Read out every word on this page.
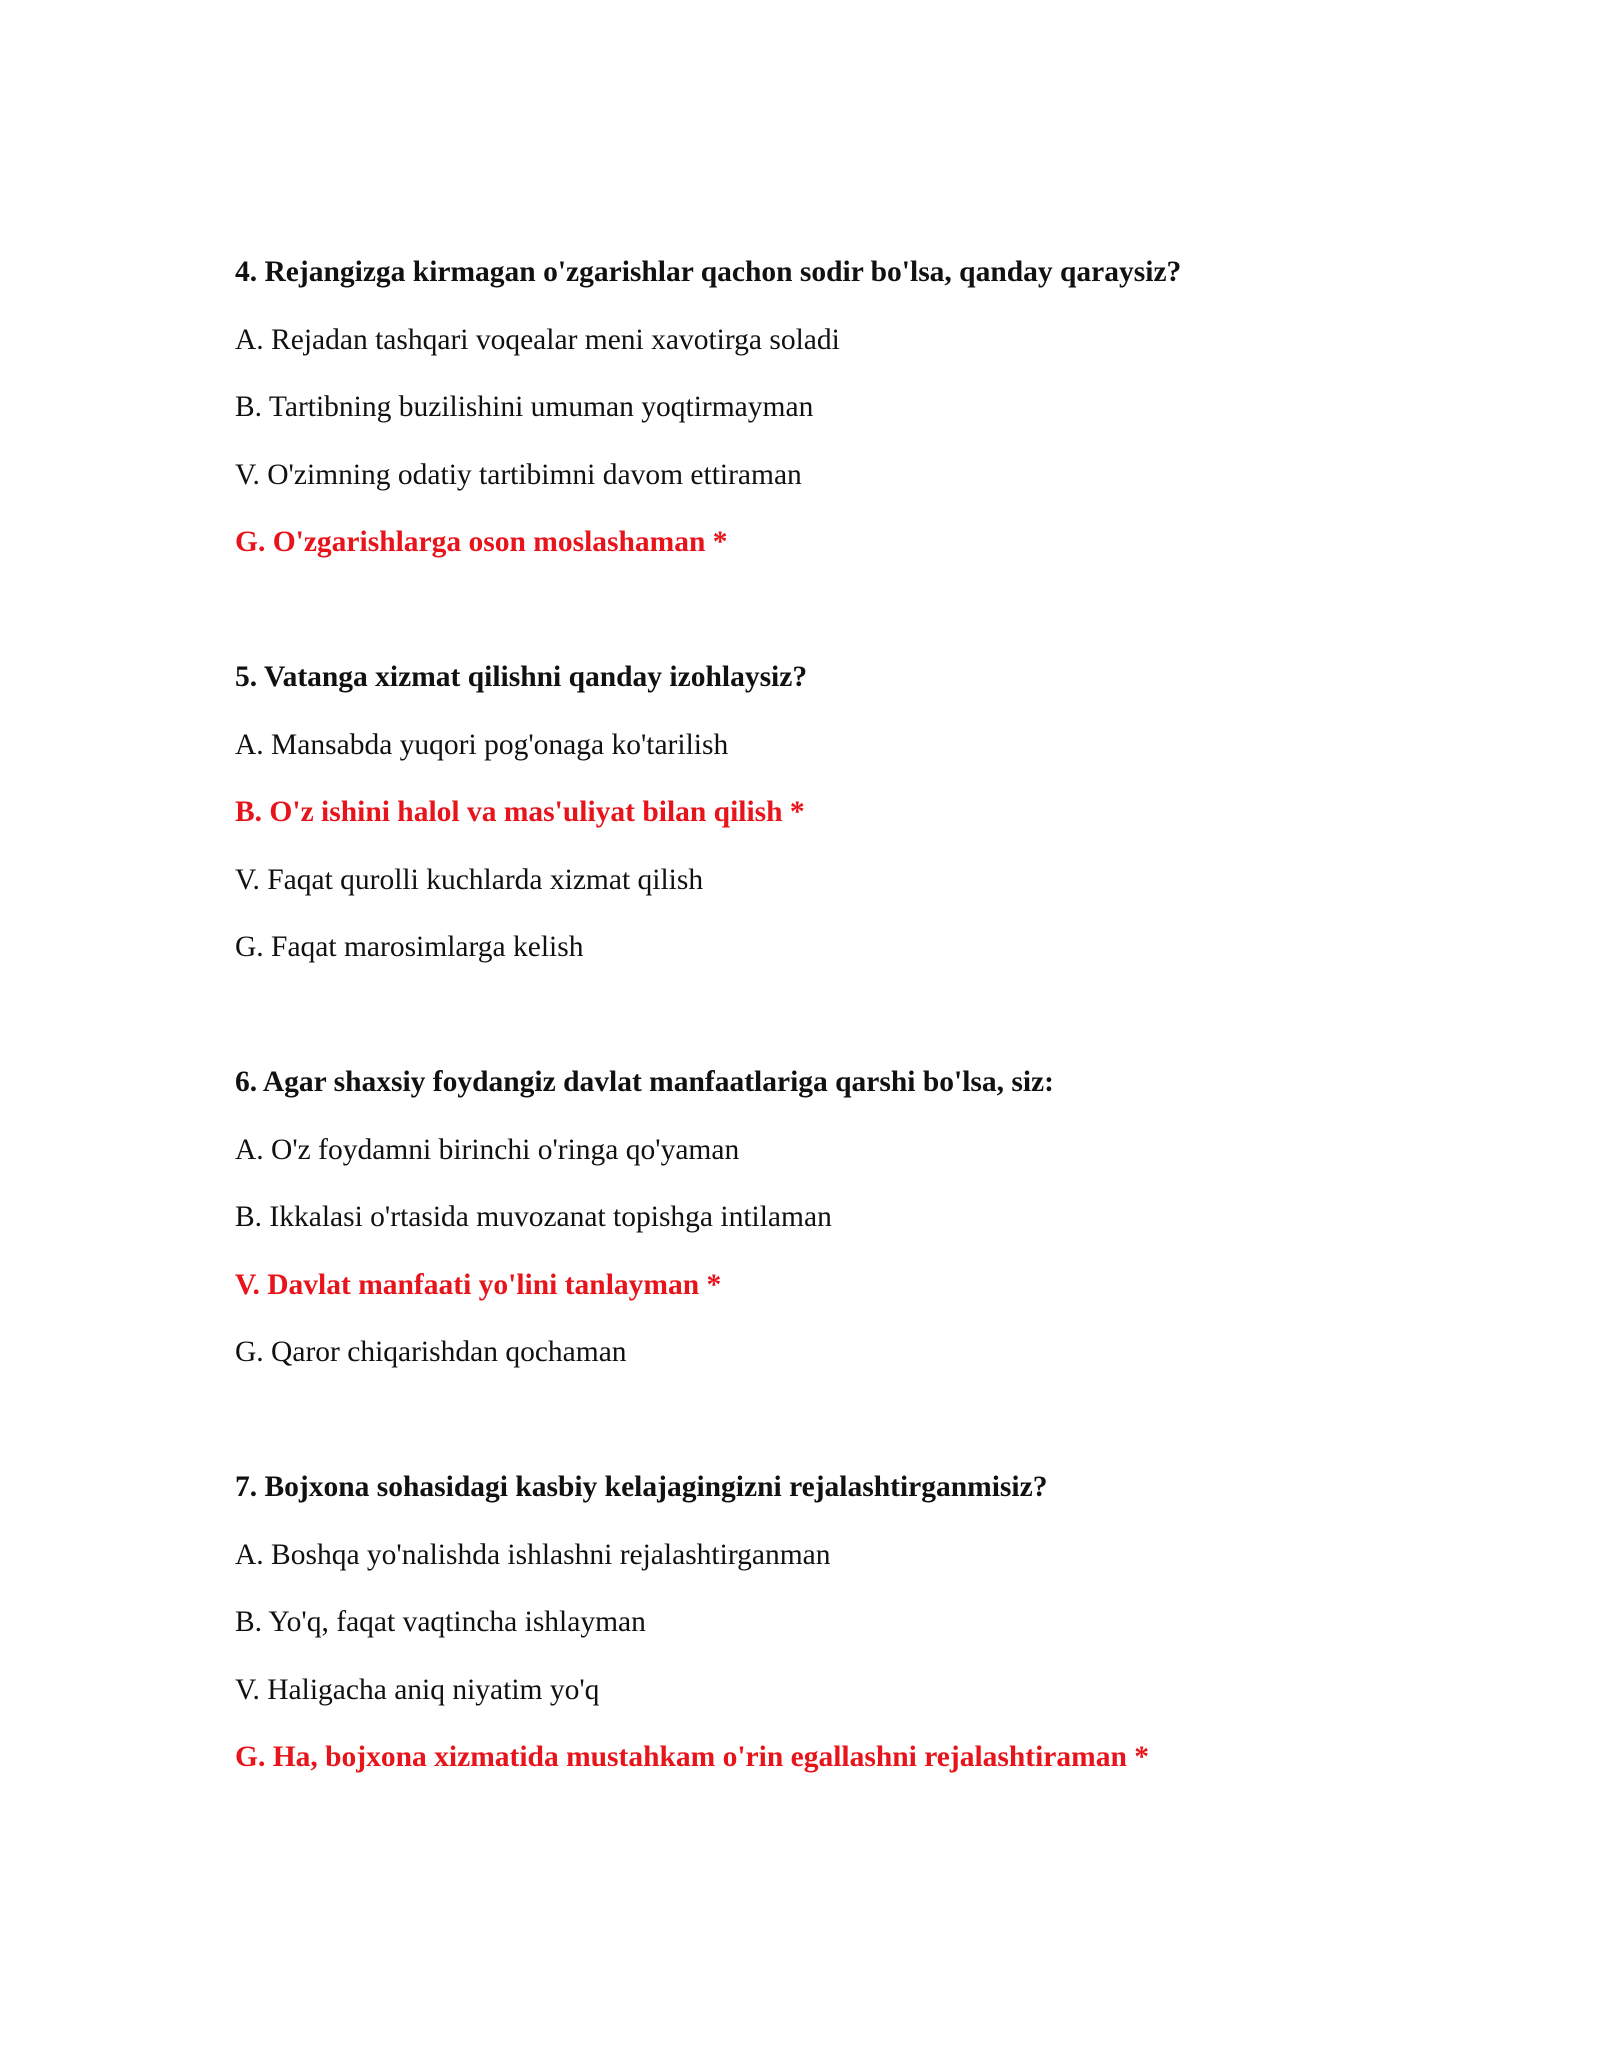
4. Rejangizga kirmagan o'zgarishlar qachon sodir bo'lsa, qanday qaraysiz?
A. Rejadan tashqari voqealar meni xavotirga soladi
B. Tartibning buzilishini umuman yoqtirmayman
V. O'zimning odatiy tartibimni davom ettiraman
G. O'zgarishlarga oson moslashaman *
5. Vatanga xizmat qilishni qanday izohlaysiz?
A. Mansabda yuqori pog'onaga ko'tarilish
B. O'z ishini halol va mas'uliyat bilan qilish *
V. Faqat qurolli kuchlarda xizmat qilish
G. Faqat marosimlarga kelish
6. Agar shaxsiy foydangiz davlat manfaatlariga qarshi bo'lsa, siz:
A. O'z foydamni birinchi o'ringa qo'yaman
B. Ikkalasi o'rtasida muvozanat topishga intilaman
V. Davlat manfaati yo'lini tanlayman *
G. Qaror chiqarishdan qochaman
7. Bojxona sohasidagi kasbiy kelajagingizni rejalashtirganmisiz?
A. Boshqa yo'nalishda ishlashni rejalashtirganman
B. Yo'q, faqat vaqtincha ishlayman
V. Haligacha aniq niyatim yo'q
G. Ha, bojxona xizmatida mustahkam o'rin egallashni rejalashtiraman *
